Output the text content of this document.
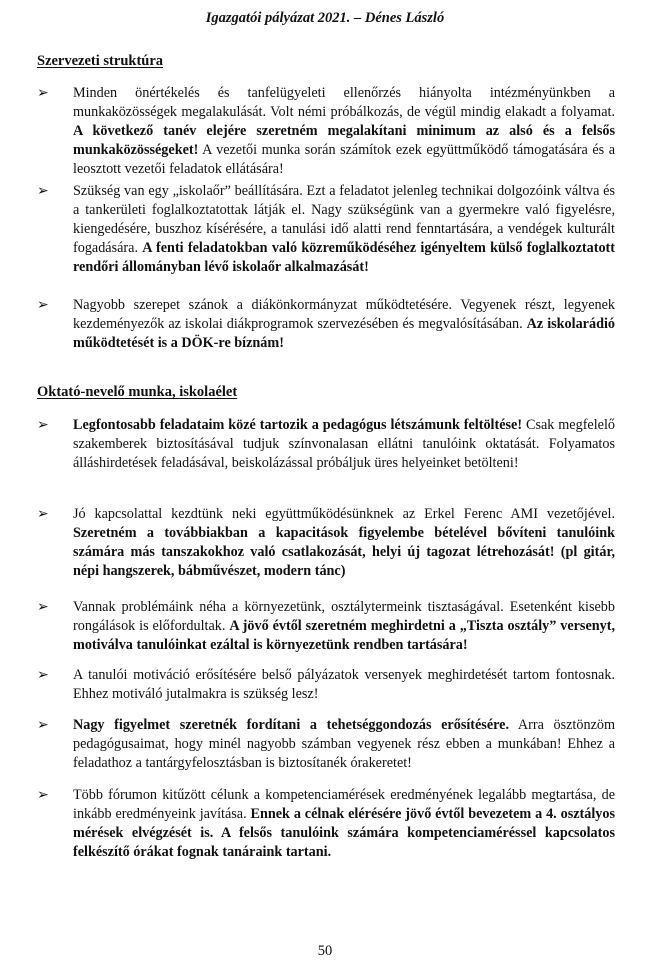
Igazgatói pályázat 2021. – Dénes László
Szervezeti struktúra
➢ Minden önértékelés és tanfelügyeleti ellenőrzés hiányolta intézményünkben a munkaközösségek megalakulását. Volt némi próbálkozás, de végül mindig elakadt a folyamat. A következő tanév elejére szeretném megalakítani minimum az alsó és a felsős munkaközösségeket! A vezetői munka során számítok ezek együttműködő támogatására és a leosztott vezetői feladatok ellátására!
➢ Szükség van egy „iskolaőr” beállítására. Ezt a feladatot jelenleg technikai dolgozóink váltva és a tankerületi foglalkoztatottak látják el. Nagy szükségünk van a gyermekre való figyelésre, kiengedésére, buszhoz kísérésére, a tanulási idő alatti rend fenntartására, a vendégek kulturált fogadására. A fenti feladatokban való közreműködéséhez igényeltem külső foglalkoztatott rendőri állományban lévő iskolaőr alkalmazását!
➢ Nagyobb szerepet szánok a diákönkormányzat működtetésére. Vegyenek részt, legyenek kezdeményezők az iskolai diákprogramok szervezésében és megvalósításában. Az iskolarádió működtetését is a DÖK-re bíznám!
Oktató-nevelő munka, iskolaélet
➢ Legfontosabb feladataim közé tartozik a pedagógus létszámunk feltöltése! Csak megfelelő szakemberek biztosításával tudjuk színvonalasan ellátni tanulóink oktatását. Folyamatos álláshirdetések feladásával, beiskolázással próbáljuk üres helyeinket betölteni!
➢ Jó kapcsolattal kezdtünk neki együttműködésünknek az Erkel Ferenc AMI vezetőjével. Szeretném a továbbiakban a kapacitások figyelembe bételével bővíteni tanulóink számára más tanszakokhoz való csatlakozását, helyi új tagozat létrehozását! (pl gitár, népi hangszerek, bábművészet, modern tánc)
➢ Vannak problémáink néha a környezetünk, osztálytermeink tisztaságával. Esetenként kisebb rongálások is előfordultak. A jövő évtől szeretném meghirdetni a „Tiszta osztály” versenyt, motiválva tanulóinkat ezáltal is környezetünk rendben tartására!
➢ A tanulói motiváció erősítésére belső pályázatok versenyek meghirdetését tartom fontosnak. Ehhez motiváló jutalmakra is szükség lesz!
➢ Nagy figyelmet szeretnék fordítani a tehetséggondozás erősítésére. Arra ösztönzöm pedagógusaimat, hogy minél nagyobb számban vegyenek rész ebben a munkában! Ehhez a feladathoz a tantárgyfelosztásban is biztosítanék órakeretet!
➢ Több fórumon kitűzött célunk a kompetenciamérések eredményének legalább megtartása, de inkább eredményeink javítása. Ennek a célnak elérésére jövő évtől bevezetem a 4. osztályos mérések elvégzését is. A felsős tanulóink számára kompetenciaméréssel kapcsolatos felkészítő órákat fognak tanáraink tartani.
50
